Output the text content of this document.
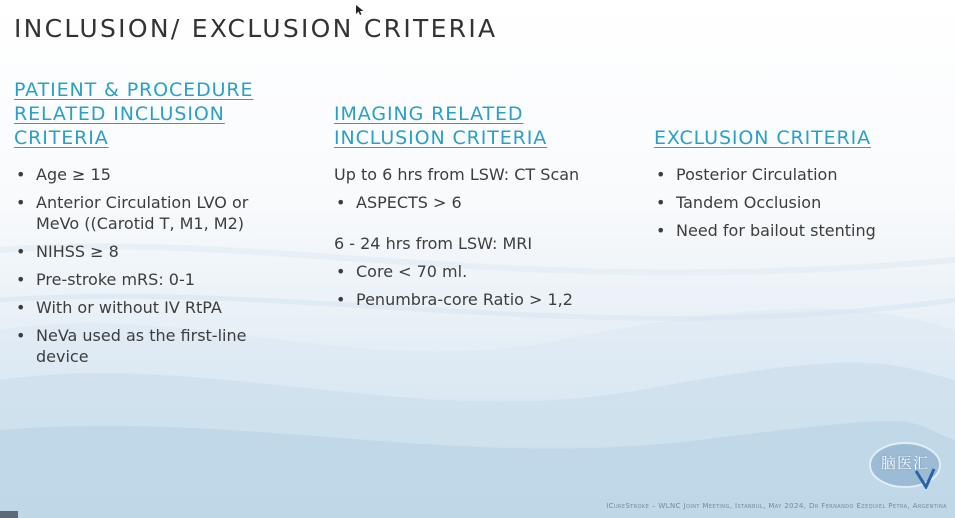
INCLUSION/ EXCLUSION CRITERIA
PATIENT & PROCEDURE
RELATED INCLUSION
CRITERIA
• Age ≥ 15
• Anterior Circulation LVO or MeVo ((Carotid T, M1, M2)
• NIHSS ≥ 8
• Pre-stroke mRS: 0-1
• With or without IV RtPA
• NeVa used as the first-line device
IMAGING RELATED
INCLUSION CRITERIA
Up to 6 hrs from LSW: CT Scan
• ASPECTS > 6
6 - 24 hrs from LSW: MRI
• Core < 70 ml.
• Penumbra-core Ratio > 1,2
EXCLUSION CRITERIA
• Posterior Circulation
• Tandem Occlusion
• Need for bailout stenting
ICureStroke – WLNC Joint Meeting, Istanbul, May 2024, Dr Fernando Ezequiel Petra, Argentina
脑医汇
